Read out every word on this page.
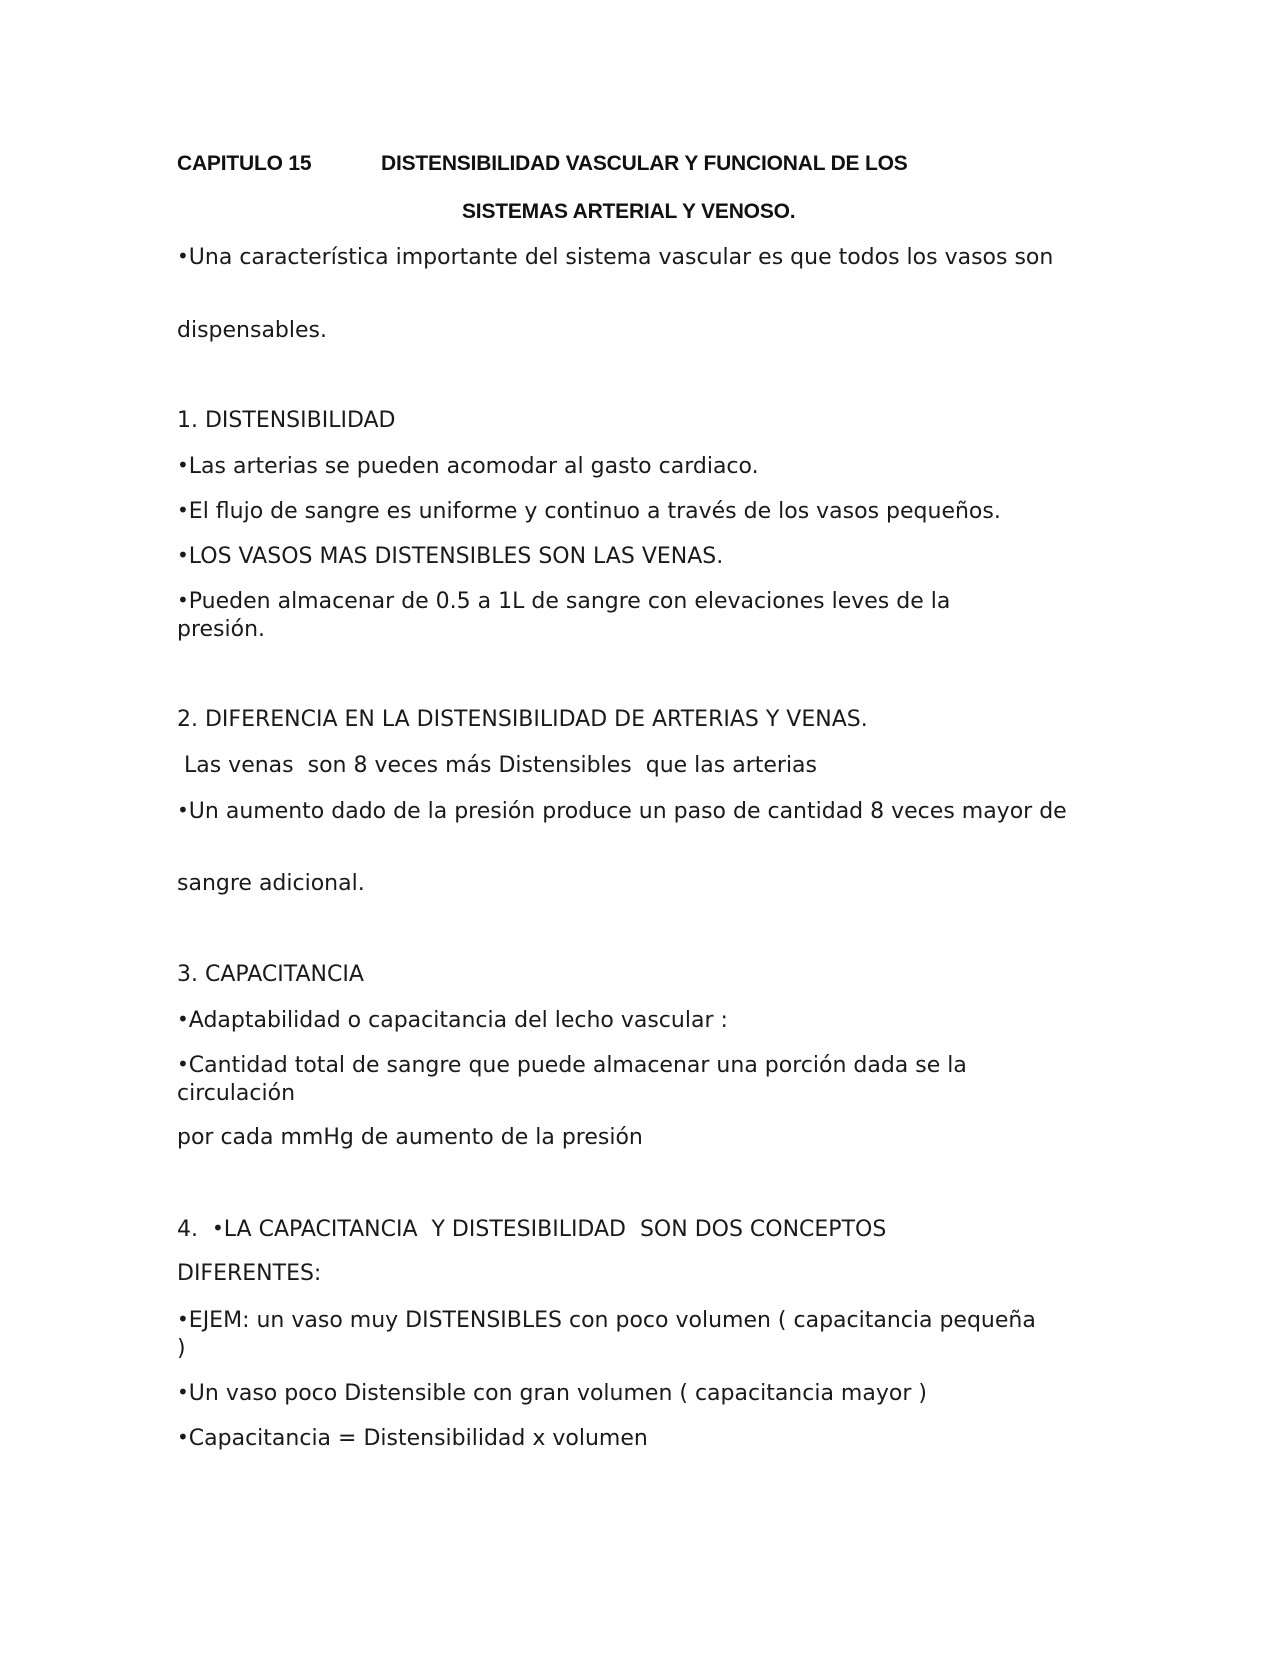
CAPITULO 15	DISTENSIBILIDAD VASCULAR Y FUNCIONAL DE LOS
SISTEMAS ARTERIAL Y VENOSO.
•Una característica importante del sistema vascular es que todos los vasos son
dispensables.
1. DISTENSIBILIDAD
•Las arterias se pueden acomodar al gasto cardiaco.
•El flujo de sangre es uniforme y continuo a través de los vasos pequeños.
•LOS VASOS MAS DISTENSIBLES SON LAS VENAS.
•Pueden almacenar de 0.5 a 1L de sangre con elevaciones leves de la presión.
2. DIFERENCIA EN LA DISTENSIBILIDAD DE ARTERIAS Y VENAS.
Las venas  son 8 veces más Distensibles  que las arterias
•Un aumento dado de la presión produce un paso de cantidad 8 veces mayor de
sangre adicional.
3. CAPACITANCIA
•Adaptabilidad o capacitancia del lecho vascular :
•Cantidad total de sangre que puede almacenar una porción dada se la circulación
por cada mmHg de aumento de la presión
4.  •LA CAPACITANCIA  Y DISTESIBILIDAD  SON DOS CONCEPTOS
DIFERENTES:
•EJEM: un vaso muy DISTENSIBLES con poco volumen ( capacitancia pequeña )
•Un vaso poco Distensible con gran volumen ( capacitancia mayor )
•Capacitancia = Distensibilidad x volumen
